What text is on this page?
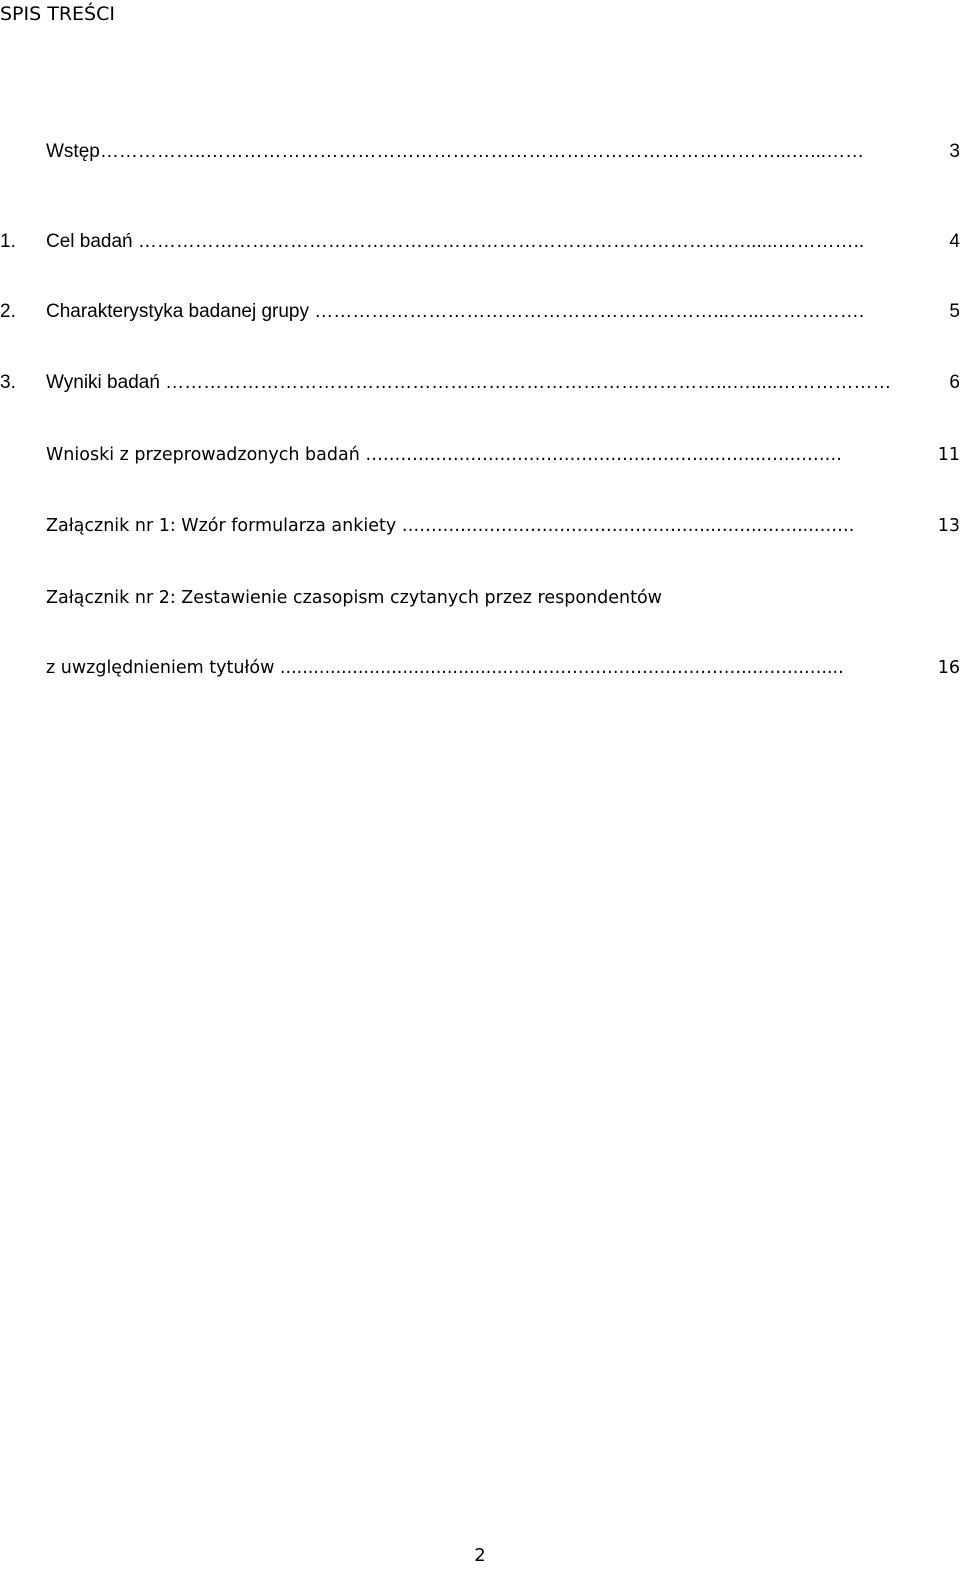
SPIS TREŚCI
Wstęp……………..………………………………………………………………………………...…...……	3
1. Cel badań ……………………………………………………………………………………......…………..	4
2. Charakterystyka badanej grupy ………………………………………………………...…...…………….	5
3. Wyniki badań ……………………………………………………………………………...….....………………	6
Wnioski z przeprowadzonych badań …………………………………………………...……...………….	11
Załącznik nr 1: Wzór formularza ankiety ……………………………………………...……..……...…….	13
Załącznik nr 2: Zestawienie czasopism czytanych przez respondentów
z uwzględnieniem tytułów ..........................................…………………………………...……..…....	16
2
